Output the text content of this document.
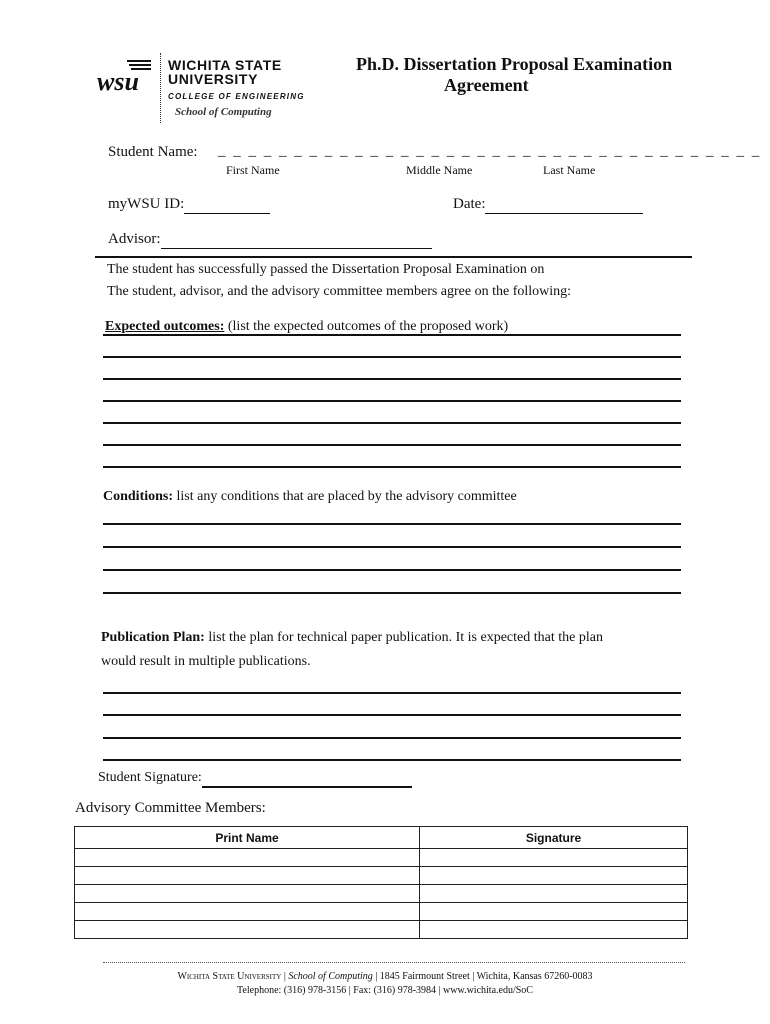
wsu
WICHITA STATE
UNIVERSITY
COLLEGE OF ENGINEERING
School of Computing
Ph.D. Dissertation Proposal Examination
Agreement
Student Name: _ _ _ _ _ _ _ _ _ _ _ _ _ _ _ _ _ _ _ _ _ _ _ _ _ _ _ _ _ _ _ _ _ _ _ _
First Name	Middle Name	Last Name
myWSU ID:	Date:
Advisor:
The student has successfully passed the Dissertation Proposal Examination on
The student, advisor, and the advisory committee members agree on the following:
Expected outcomes: (list the expected outcomes of the proposed work)
Conditions: list any conditions that are placed by the advisory committee
Publication Plan: list the plan for technical paper publication. It is expected that the plan
would result in multiple publications.
Student Signature:
Advisory Committee Members:
Print Name	Signature

Wichita State University | School of Computing | 1845 Fairmount Street | Wichita, Kansas 67260-0083
Telephone: (316) 978-3156 | Fax: (316) 978-3984 | www.wichita.edu/SoC
